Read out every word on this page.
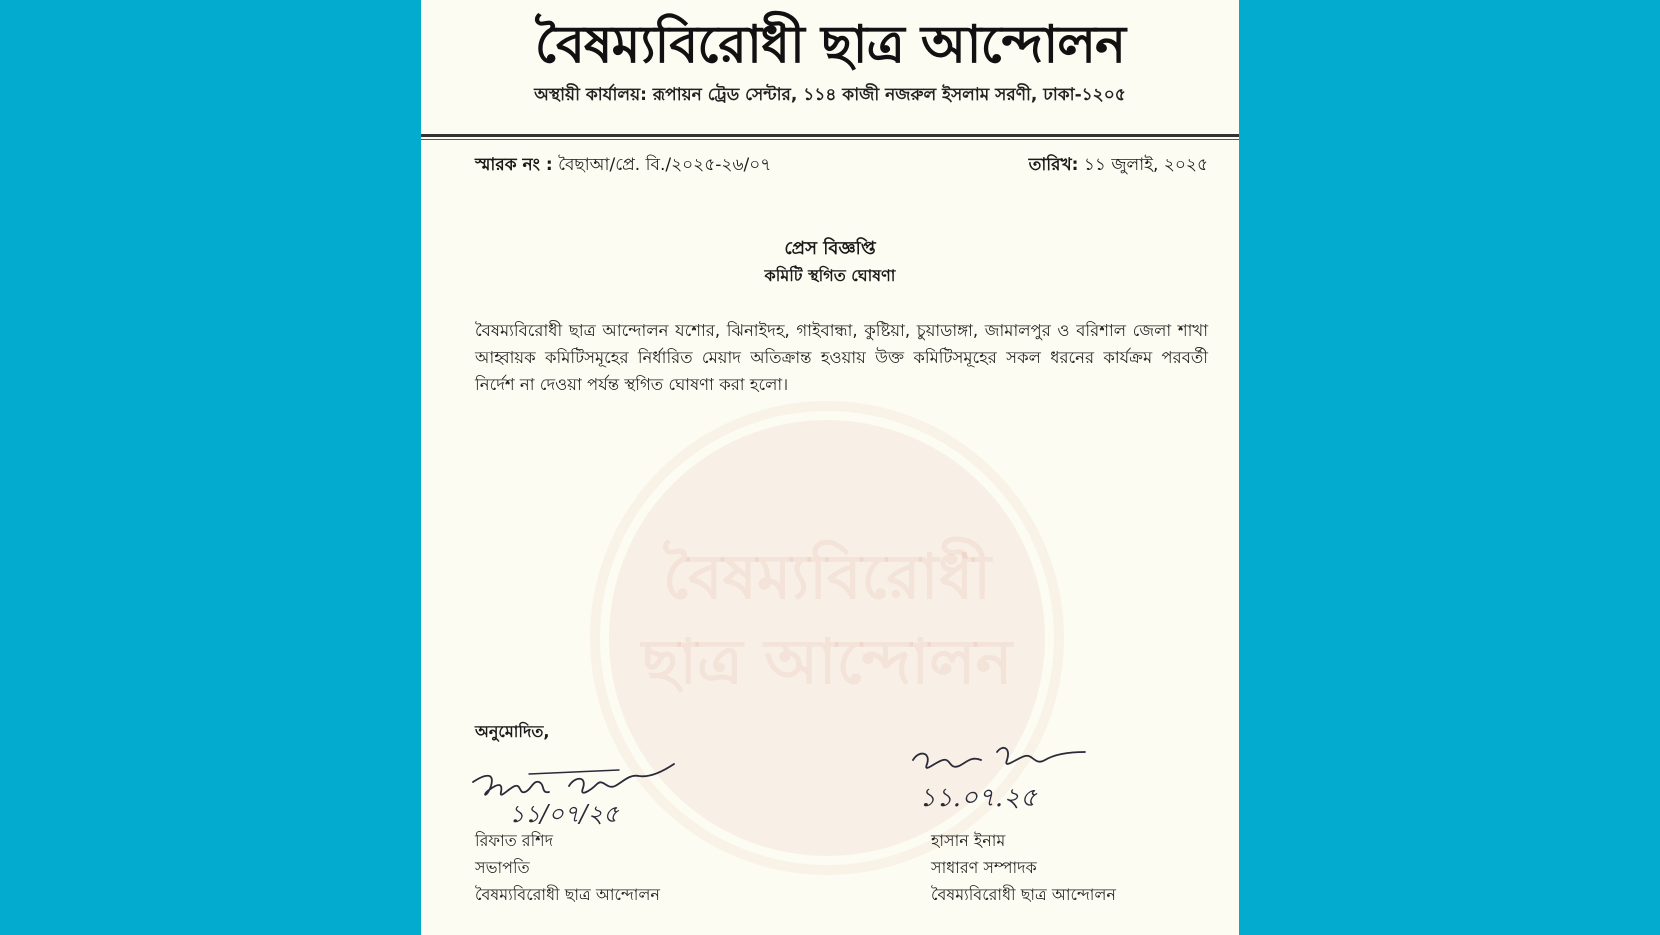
বৈষম্যবিরোধী ছাত্র আন্দোলন
অস্থায়ী কার্যালয়: রূপায়ন ট্রেড সেন্টার, ১১৪ কাজী নজরুল ইসলাম সরণী, ঢাকা-১২০৫
স্মারক নং : বৈছাআ/প্রে. বি./২০২৫-২৬/০৭	তারিখ: ১১ জুলাই, ২০২৫
বৈষম্যবিরোধী
ছাত্র আন্দোলন
প্রেস বিজ্ঞপ্তি
কমিটি স্থগিত ঘোষণা
বৈষম্যবিরোধী ছাত্র আন্দোলন যশোর, ঝিনাইদহ, গাইবান্ধা, কুষ্টিয়া, চুয়াডাঙ্গা, জামালপুর ও বরিশাল জেলা শাখা আহ্বায়ক কমিটিসমূহের নির্ধারিত মেয়াদ অতিক্রান্ত হওয়ায় উক্ত কমিটিসমূহের সকল ধরনের কার্যক্রম পরবর্তী নির্দেশ না দেওয়া পর্যন্ত স্থগিত ঘোষণা করা হলো।
অনুমোদিত,
১১/০৭/২৫
১১.০৭.২৫
রিফাত রশিদ
সভাপতি
বৈষম্যবিরোধী ছাত্র আন্দোলন
হাসান ইনাম
সাধারণ সম্পাদক
বৈষম্যবিরোধী ছাত্র আন্দোলন
